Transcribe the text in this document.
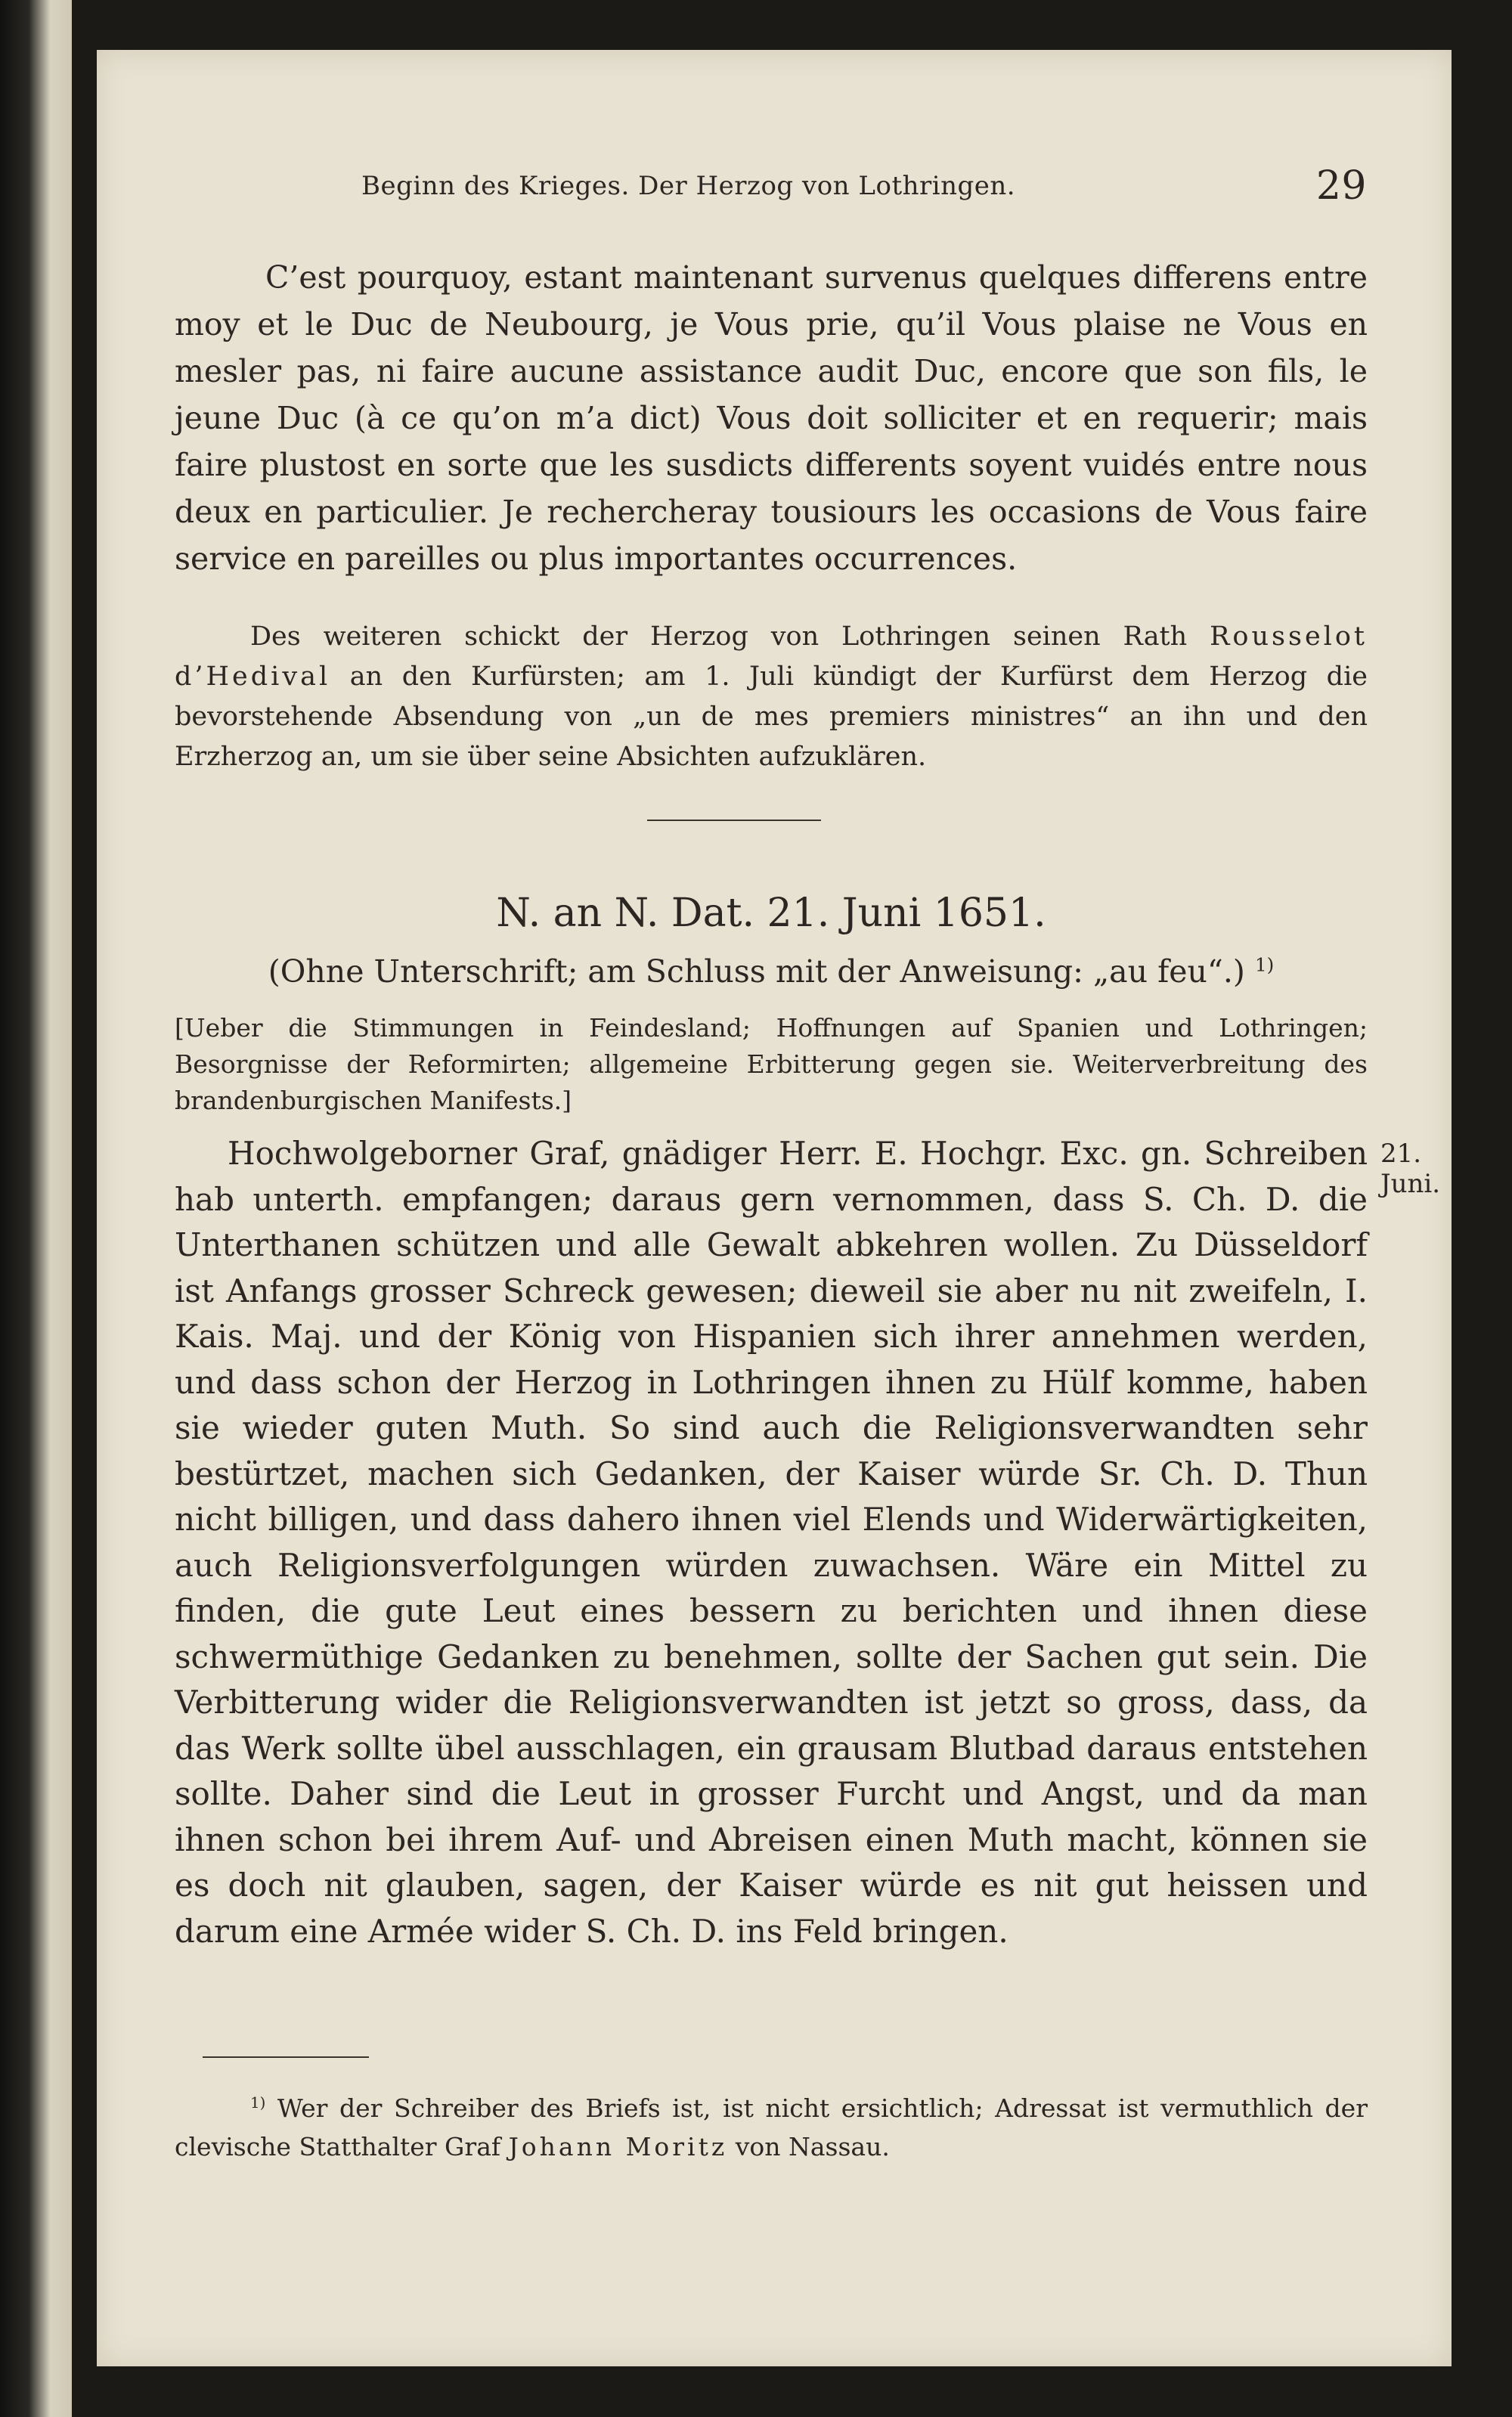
Beginn des Krieges. Der Herzog von Lothringen.	29
C’est pourquoy, estant maintenant survenus quelques differens entre moy et le Duc de Neubourg, je Vous prie, qu’il Vous plaise ne Vous en mesler pas, ni faire aucune assistance audit Duc, encore que son fils, le jeune Duc (à ce qu’on m’a dict) Vous doit solliciter et en requerir; mais faire plustost en sorte que les susdicts differents soyent vuidés entre nous deux en particulier. Je rechercheray tousiours les occasions de Vous faire service en pareilles ou plus importantes occurrences.
Des weiteren schickt der Herzog von Lothringen seinen Rath Rousselot d’Hedival an den Kurfürsten; am 1. Juli kündigt der Kurfürst dem Herzog die bevorstehende Absendung von „un de mes premiers ministres“ an ihn und den Erzherzog an, um sie über seine Absichten aufzuklären.
N. an N. Dat. 21. Juni 1651.
(Ohne Unterschrift; am Schluss mit der Anweisung: „au feu“.) $^{1)}$
[Ueber die Stimmungen in Feindesland; Hoffnungen auf Spanien und Lothringen; Besorgnisse der Reformirten; allgemeine Erbitterung gegen sie. Weiterverbreitung des brandenburgischen Manifests.]
21. Juni.
Hochwolgeborner Graf, gnädiger Herr. E. Hochgr. Exc. gn. Schreiben hab unterth. empfangen; daraus gern vernommen, dass S. Ch. D. die Unterthanen schützen und alle Gewalt abkehren wollen. Zu Düsseldorf ist Anfangs grosser Schreck gewesen; dieweil sie aber nu nit zweifeln, I. Kais. Maj. und der König von Hispanien sich ihrer annehmen werden, und dass schon der Herzog in Lothringen ihnen zu Hülf komme, haben sie wieder guten Muth. So sind auch die Religionsverwandten sehr bestürtzet, machen sich Gedanken, der Kaiser würde Sr. Ch. D. Thun nicht billigen, und dass dahero ihnen viel Elends und Widerwärtigkeiten, auch Religionsverfolgungen würden zuwachsen. Wäre ein Mittel zu finden, die gute Leut eines bessern zu berichten und ihnen diese schwermüthige Gedanken zu benehmen, sollte der Sachen gut sein. Die Verbitterung wider die Religionsverwandten ist jetzt so gross, dass, da das Werk sollte übel ausschlagen, ein grausam Blutbad daraus entstehen sollte. Daher sind die Leut in grosser Furcht und Angst, und da man ihnen schon bei ihrem Auf- und Abreisen einen Muth macht, können sie es doch nit glauben, sagen, der Kaiser würde es nit gut heissen und darum eine Armée wider S. Ch. D. ins Feld bringen.
$^{1)}$ Wer der Schreiber des Briefs ist, ist nicht ersichtlich; Adressat ist vermuthlich der clevische Statthalter Graf Johann Moritz von Nassau.
